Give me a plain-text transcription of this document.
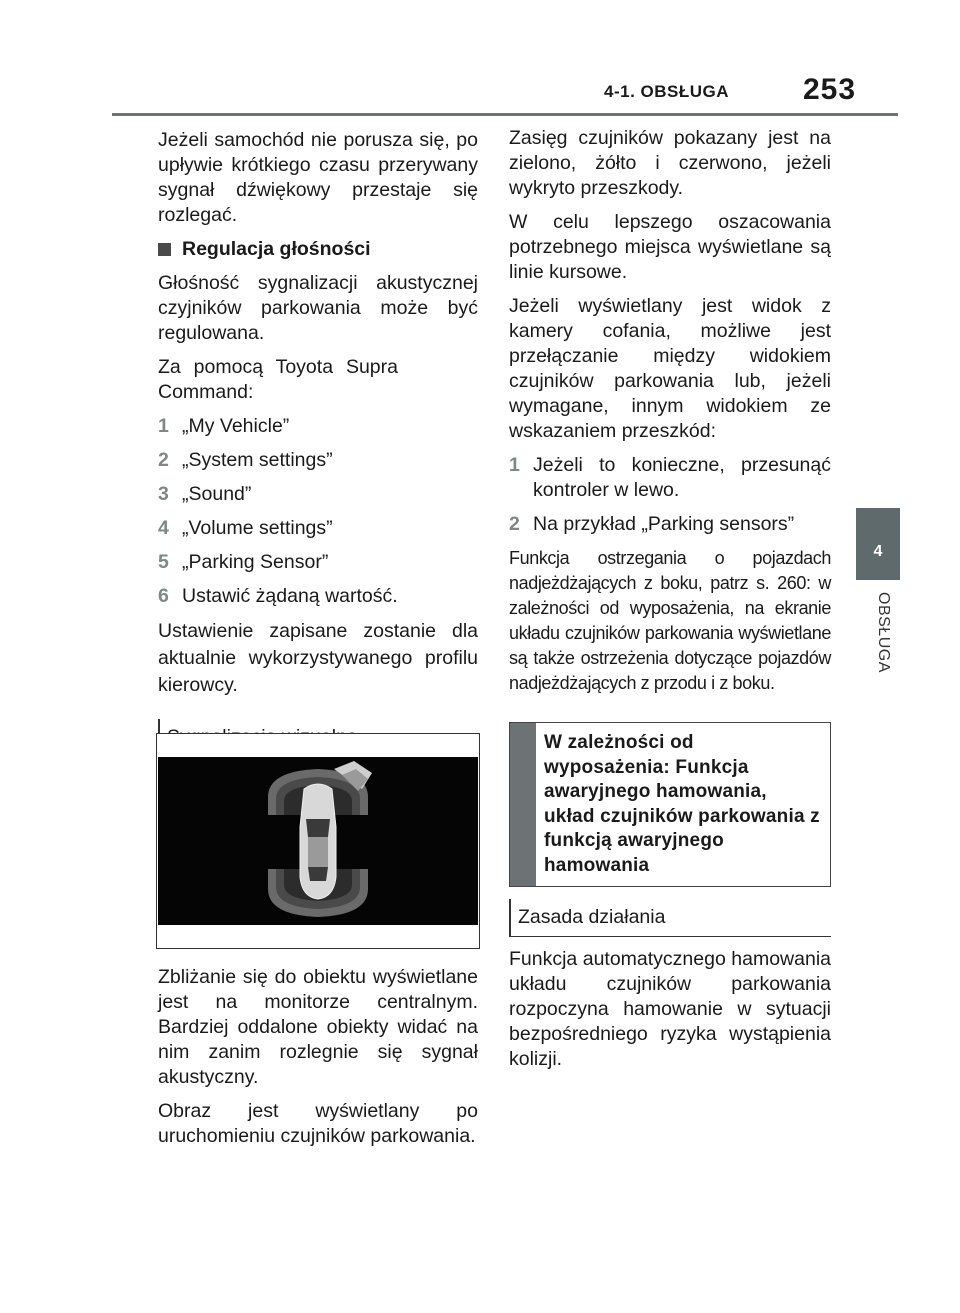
4-1. OBSŁUGA 253
4
OBSŁUGA

Jeżeli samochód nie porusza się, po upływie krótkiego czasu przerywany sygnał dźwiękowy przestaje się rozlegać.

Regulacja głośności

Głośność sygnalizacji akustycznej czyjników parkowania może być regulowana.

Za pomocą Toyota Supra Command:

1 „My Vehicle”

2 „System settings”

3 „Sound”

4 „Volume settings”

5 „Parking Sensor”

6 Ustawić żądaną wartość.

Ustawienie zapisane zostanie dla aktualnie wykorzystywanego profilu kierowcy.

Zbliżanie się do obiektu wyświetlane jest na monitorze centralnym. Bardziej oddalone obiekty widać na nim zanim rozlegnie się sygnał akustyczny.

Obraz jest wyświetlany po uruchomieniu czujników parkowania.

Zasięg czujników pokazany jest na zielono, żółto i czerwono, jeżeli wykryto przeszkody.

W celu lepszego oszacowania potrzebnego miejsca wyświetlane są linie kursowe.

Jeżeli wyświetlany jest widok z kamery cofania, możliwe jest przełączanie między widokiem czujników parkowania lub, jeżeli wymagane, innym widokiem ze wskazaniem przeszkód:

1 Jeżeli to konieczne, przesunąć kontroler w lewo.

2 Na przykład „Parking sensors”

Funkcja ostrzegania o pojazdach nadjeżdżających z boku, patrz s. 260: w zależności od wyposażenia, na ekranie układu czujników parkowania wyświetlane są także ostrzeżenia dotyczące pojazdów nadjeżdżających z przodu i z boku.

W zależności od wyposażenia: Funkcja awaryjnego hamowania, układ czujników parkowania z funkcją awaryjnego hamowania
Zasada działania

Funkcja automatycznego hamowania układu czujników parkowania rozpoczyna hamowanie w sytuacji bezpośredniego ryzyka wystąpienia kolizji.
